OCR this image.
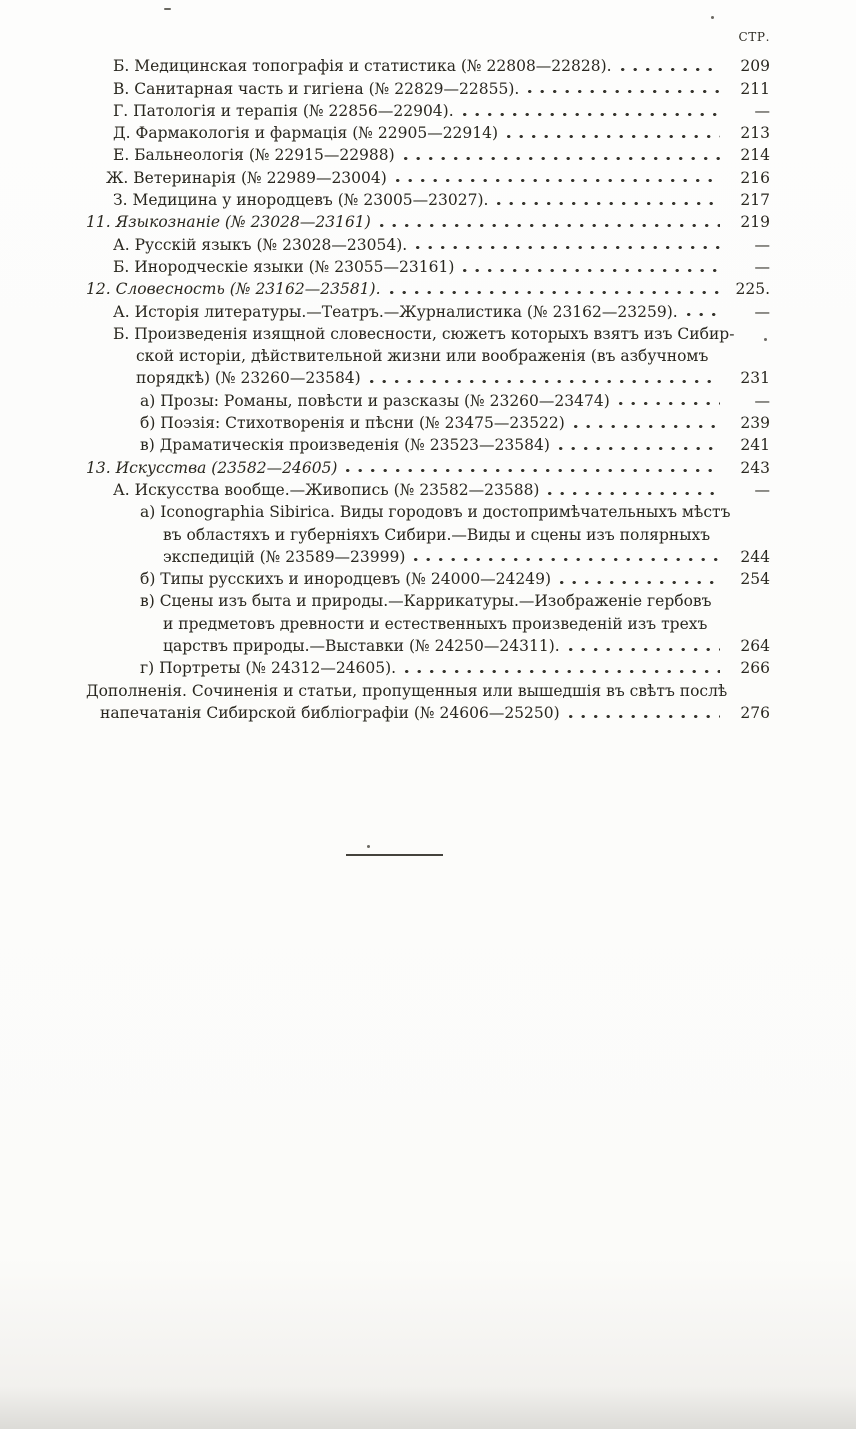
СТР.
Б. Медицинская топографія и статистика (№ 22808—22828).	209
В. Санитарная часть и гигіена (№ 22829—22855).	211
Г. Патологія и терапія (№ 22856—22904).	—
Д. Фармакологія и фармація (№ 22905—22914)	213
Е. Бальнеологія (№ 22915—22988)	214
Ж. Ветеринарія (№ 22989—23004)	216
З. Медицина у инородцевъ (№ 23005—23027).	217
11. Языкознаніе (№ 23028—23161)	219
А. Русскій языкъ (№ 23028—23054).	—
Б. Инородческіе языки (№ 23055—23161)	—
12. Словесность (№ 23162—23581).	225.
А. Исторія литературы.—Театръ.—Журналистика (№ 23162—23259).	—
Б. Произведенія изящной словесности, сюжетъ которыхъ взятъ изъ Сибир-
ской исторіи, дѣйствительной жизни или воображенія (въ азбучномъ
порядкѣ) (№ 23260—23584)	231
а) Прозы: Романы, повѣсти и разсказы (№ 23260—23474)	—
б) Поэзія: Стихотворенія и пѣсни (№ 23475—23522)	239
в) Драматическія произведенія (№ 23523—23584)	241
13. Искусства (23582—24605)	243
А. Искусства вообще.—Живопись (№ 23582—23588)	—
а) Iconographia Sibirica. Виды городовъ и достопримѣчательныхъ мѣстъ
въ областяхъ и губерніяхъ Сибири.—Виды и сцены изъ полярныхъ
экспедицій (№ 23589—23999)	244
б) Типы русскихъ и инородцевъ (№ 24000—24249)	254
в) Сцены изъ быта и природы.—Каррикатуры.—Изображеніе гербовъ
и предметовъ древности и естественныхъ произведеній изъ трехъ
царствъ природы.—Выставки (№ 24250—24311).	264
г) Портреты (№ 24312—24605).	266
Дополненія. Сочиненія и статьи, пропущенныя или вышедшія въ свѣтъ послѣ
напечатанія Сибирской библіографіи (№ 24606—25250)	276
